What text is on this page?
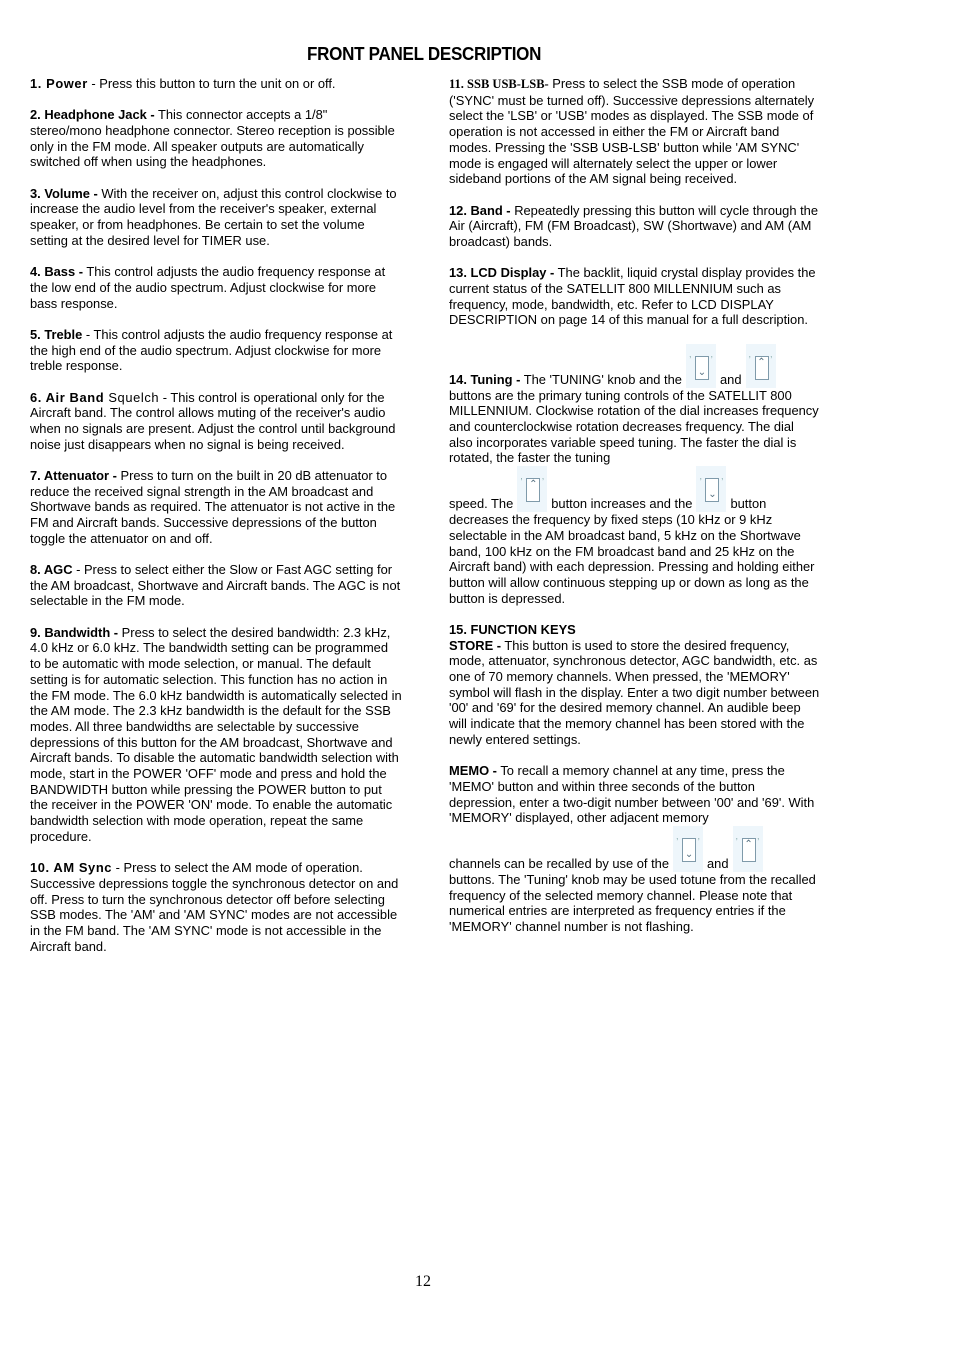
FRONT PANEL DESCRIPTION

1. Power - Press this button to turn the unit on or off.

2. Headphone Jack - This connector accepts a 1/8" stereo/mono headphone connector. Stereo reception is possible only in the FM mode. All speaker outputs are automatically switched off when using the headphones.

3. Volume - With the receiver on, adjust this control clockwise to increase the audio level from the receiver's speaker, external speaker, or from headphones. Be certain to set the volume setting at the desired level for TIMER use.

4. Bass - This control adjusts the audio frequency response at the low end of the audio spectrum. Adjust clockwise for more bass response.

5. Treble - This control adjusts the audio frequency response at the high end of the audio spectrum. Adjust clockwise for more treble response.

6. Air Band Squelch - This control is operational only for the Aircraft band. The control allows muting of the receiver's audio when no signals are present. Adjust the control until background noise just disappears when no signal is being received.

7. Attenuator - Press to turn on the built in 20 dB attenuator to reduce the received signal strength in the AM broadcast and Shortwave bands as required. The attenuator is not active in the FM and Aircraft bands. Successive depressions of the button toggle the attenuator on and off.

8. AGC - Press to select either the Slow or Fast AGC setting for the AM broadcast, Shortwave and Aircraft bands. The AGC is not selectable in the FM mode.

9. Bandwidth - Press to select the desired bandwidth: 2.3 kHz, 4.0 kHz or 6.0 kHz. The bandwidth setting can be programmed to be automatic with mode selection, or manual. The default setting is for automatic selection. This function has no action in the FM mode. The 6.0 kHz bandwidth is automatically selected in the AM mode. The 2.3 kHz bandwidth is the default for the SSB modes. All three bandwidths are selectable by successive depressions of this button for the AM broadcast, Shortwave and Aircraft bands. To disable the automatic bandwidth selection with mode, start in the POWER 'OFF' mode and press and hold the BANDWIDTH button while pressing the POWER button to put the receiver in the POWER 'ON' mode. To enable the automatic bandwidth selection with mode operation, repeat the same procedure.

10. AM Sync - Press to select the AM mode of operation. Successive depressions toggle the synchronous detector on and off. Press to turn the synchronous detector off before selecting SSB modes. The 'AM' and 'AM SYNC' modes are not accessible in the FM band. The 'AM SYNC' mode is not accessible in the Aircraft band.

11. SSB USB-LSB- Press to select the SSB mode of operation ('SYNC' must be turned off). Successive depressions alternately select the 'LSB' or 'USB' modes as displayed. The SSB mode of operation is not accessed in either the FM or Aircraft band modes. Pressing the 'SSB USB-LSB' button while 'AM SYNC' mode is engaged will alternately select the upper or lower sideband portions of the AM signal being received.

12. Band - Repeatedly pressing this button will cycle through the Air (Aircraft), FM (FM Broadcast), SW (Shortwave) and AM (AM broadcast) bands.

13. LCD Display - The backlit, liquid crystal display provides the current status of the SATELLIT 800 MILLENNIUM such as frequency, mode, bandwidth, etc. Refer to LCD DISPLAY DESCRIPTION on page 14 of this manual for a full description.

14. Tuning - The 'TUNING' knob and the
, ,
⌄ and
, ,
⌃

buttons are the primary tuning controls of the SATELLIT 800 MILLENNIUM. Clockwise rotation of the dial increases frequency and counterclockwise rotation decreases frequency. The dial also incorporates variable speed tuning. The faster the dial is rotated, the faster the tuning
speed. The
, ,
⌃
button increases and the
, ,
⌄
button
decreases the frequency by fixed steps (10 kHz or 9 kHz selectable in the AM broadcast band, 5 kHz on the Shortwave band, 100 kHz on the FM broadcast band and 25 kHz on the Aircraft band) with each depression. Pressing and holding either button will allow continuous stepping up or down as long as the button is depressed.

15. FUNCTION KEYS

STORE - This button is used to store the desired frequency, mode, attenuator, synchronous detector, AGC bandwidth, etc. as one of 70 memory channels. When pressed, the 'MEMORY' symbol will flash in the display. Enter a two digit number between '00' and '69' for the desired memory channel. An audible beep will indicate that the memory channel has been stored with the newly entered settings.

MEMO - To recall a memory channel at any time, press the 'MEMO' button and within three seconds of the button depression, enter a two-digit number between '00' and '69'. With 'MEMORY' displayed, other adjacent memory
channels can be recalled by use of the
, ,
⌄
and
, ,
⌃

buttons. The 'Tuning' knob may be used totune from the recalled frequency of the selected memory channel. Please note that numerical entries are interpreted as frequency entries if the 'MEMORY' channel number is not flashing.

12
